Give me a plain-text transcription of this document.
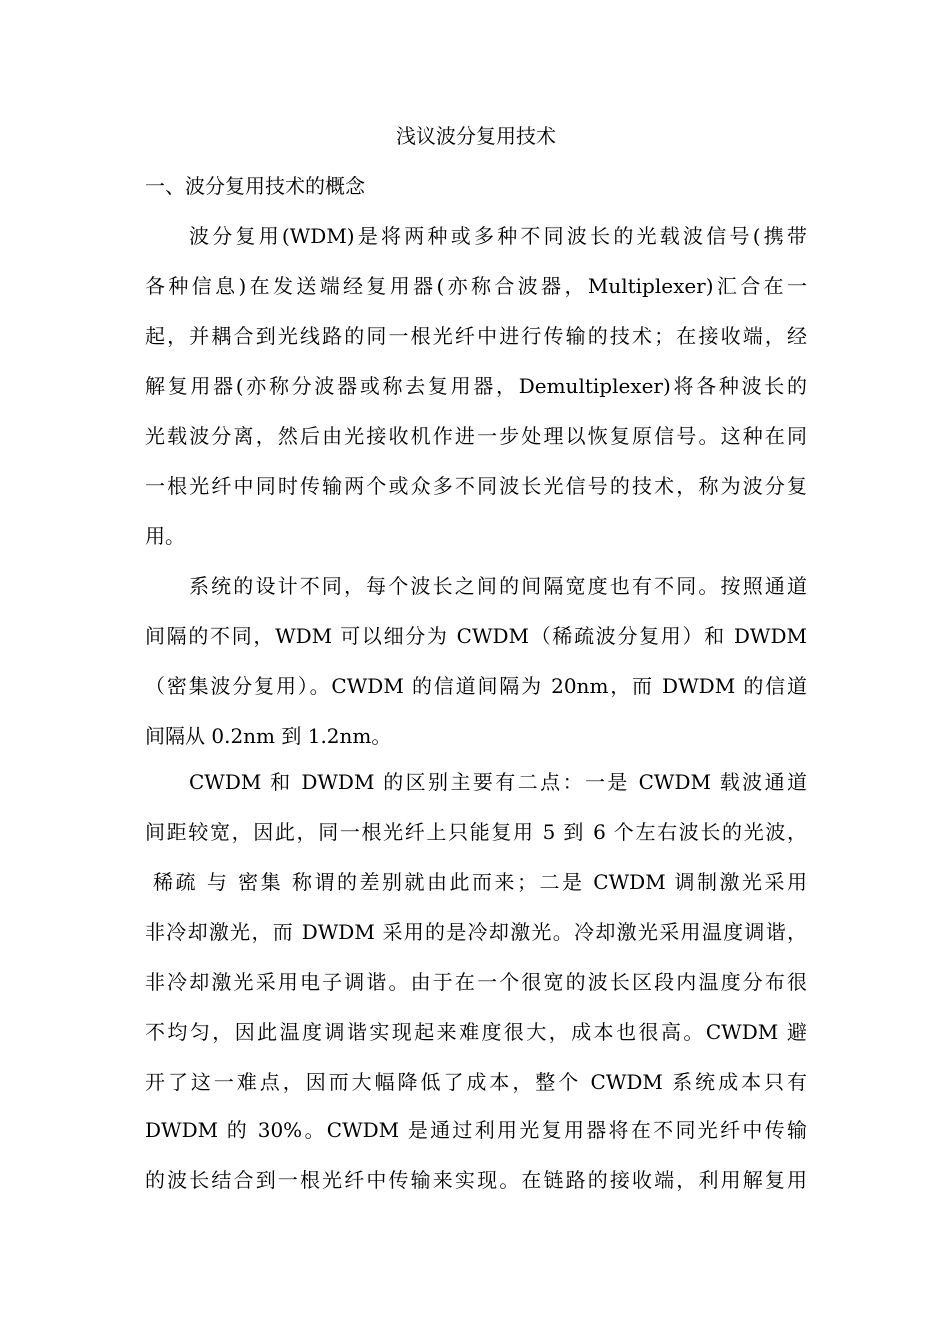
浅议波分复用技术
一、波分复用技术的概念
波分复用(WDM)是将两种或多种不同波长的光载波信号(携带
各种信息)在发送端经复用器(亦称合波器，Multiplexer)汇合在一
起，并耦合到光线路的同一根光纤中进行传输的技术；在接收端，经
解复用器(亦称分波器或称去复用器，Demultiplexer)将各种波长的
光载波分离，然后由光接收机作进一步处理以恢复原信号。这种在同
一根光纤中同时传输两个或众多不同波长光信号的技术，称为波分复
用。
系统的设计不同，每个波长之间的间隔宽度也有不同。按照通道
间隔的不同，WDM 可以细分为 CWDM（稀疏波分复用）和 DWDM
（密集波分复用）。CWDM 的信道间隔为 20nm，而 DWDM 的信道
间隔从 0.2nm 到 1.2nm。
CWDM 和 DWDM 的区别主要有二点：一是 CWDM 载波通道
间距较宽，因此，同一根光纤上只能复用 5 到 6 个左右波长的光波，
稀疏 与 密集 称谓的差别就由此而来；二是 CWDM 调制激光采用
非冷却激光，而 DWDM 采用的是冷却激光。冷却激光采用温度调谐，
非冷却激光采用电子调谐。由于在一个很宽的波长区段内温度分布很
不均匀，因此温度调谐实现起来难度很大，成本也很高。CWDM 避
开了这一难点，因而大幅降低了成本，整个 CWDM 系统成本只有
DWDM 的 30%。CWDM 是通过利用光复用器将在不同光纤中传输
的波长结合到一根光纤中传输来实现。在链路的接收端，利用解复用
